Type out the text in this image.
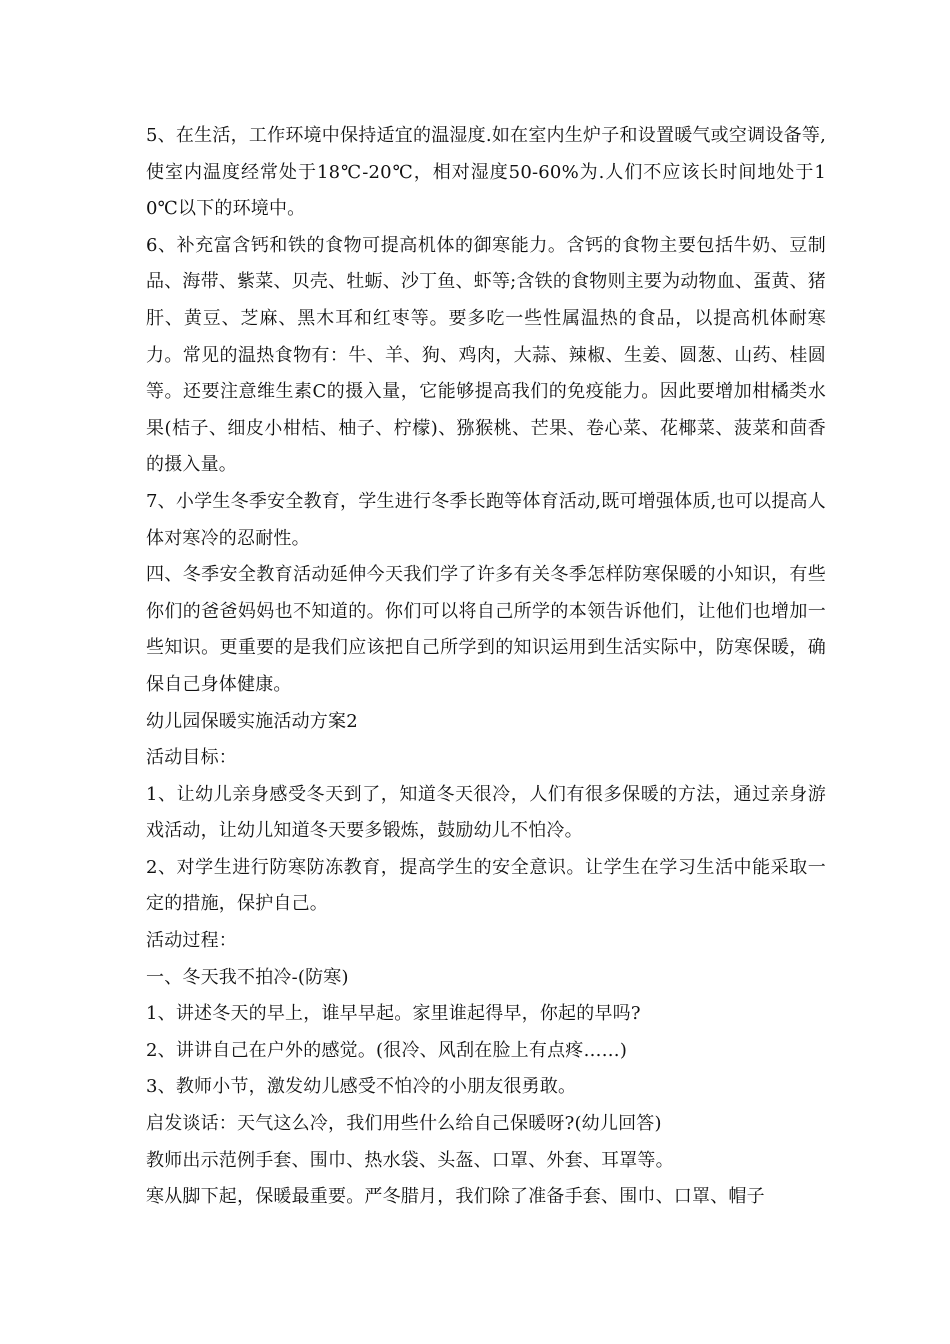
5、在生活，工作环境中保持适宜的温湿度.如在室内生炉子和设置暖气或空调设备等,使室内温度经常处于18℃-20℃，相对湿度50-60%为.人们不应该长时间地处于10℃以下的环境中。

6、补充富含钙和铁的食物可提高机体的御寒能力。含钙的食物主要包括牛奶、豆制品、海带、紫菜、贝壳、牡蛎、沙丁鱼、虾等;含铁的食物则主要为动物血、蛋黄、猪肝、黄豆、芝麻、黑木耳和红枣等。要多吃一些性属温热的食品，以提高机体耐寒力。常见的温热食物有：牛、羊、狗、鸡肉，大蒜、辣椒、生姜、圆葱、山药、桂圆等。还要注意维生素C的摄入量，它能够提高我们的免疫能力。因此要增加柑橘类水果(桔子、细皮小柑桔、柚子、柠檬)、猕猴桃、芒果、卷心菜、花椰菜、菠菜和茴香的摄入量。

7、小学生冬季安全教育，学生进行冬季长跑等体育活动,既可增强体质,也可以提高人体对寒冷的忍耐性。

四、冬季安全教育活动延伸今天我们学了许多有关冬季怎样防寒保暖的小知识，有些你们的爸爸妈妈也不知道的。你们可以将自己所学的本领告诉他们，让他们也增加一些知识。更重要的是我们应该把自己所学到的知识运用到生活实际中，防寒保暖，确保自己身体健康。

幼儿园保暖实施活动方案2

活动目标：

1、让幼儿亲身感受冬天到了，知道冬天很冷，人们有很多保暖的方法，通过亲身游戏活动，让幼儿知道冬天要多锻炼，鼓励幼儿不怕冷。

2、对学生进行防寒防冻教育，提高学生的安全意识。让学生在学习生活中能采取一定的措施，保护自己。

活动过程：

一、冬天我不拍冷-(防寒)

1、讲述冬天的早上，谁早早起。家里谁起得早，你起的早吗?

2、讲讲自己在户外的感觉。(很冷、风刮在脸上有点疼……)

3、教师小节，激发幼儿感受不怕冷的小朋友很勇敢。

启发谈话：天气这么冷，我们用些什么给自己保暖呀?(幼儿回答)

教师出示范例手套、围巾、热水袋、头盔、口罩、外套、耳罩等。

寒从脚下起，保暖最重要。严冬腊月，我们除了准备手套、围巾、口罩、帽子
